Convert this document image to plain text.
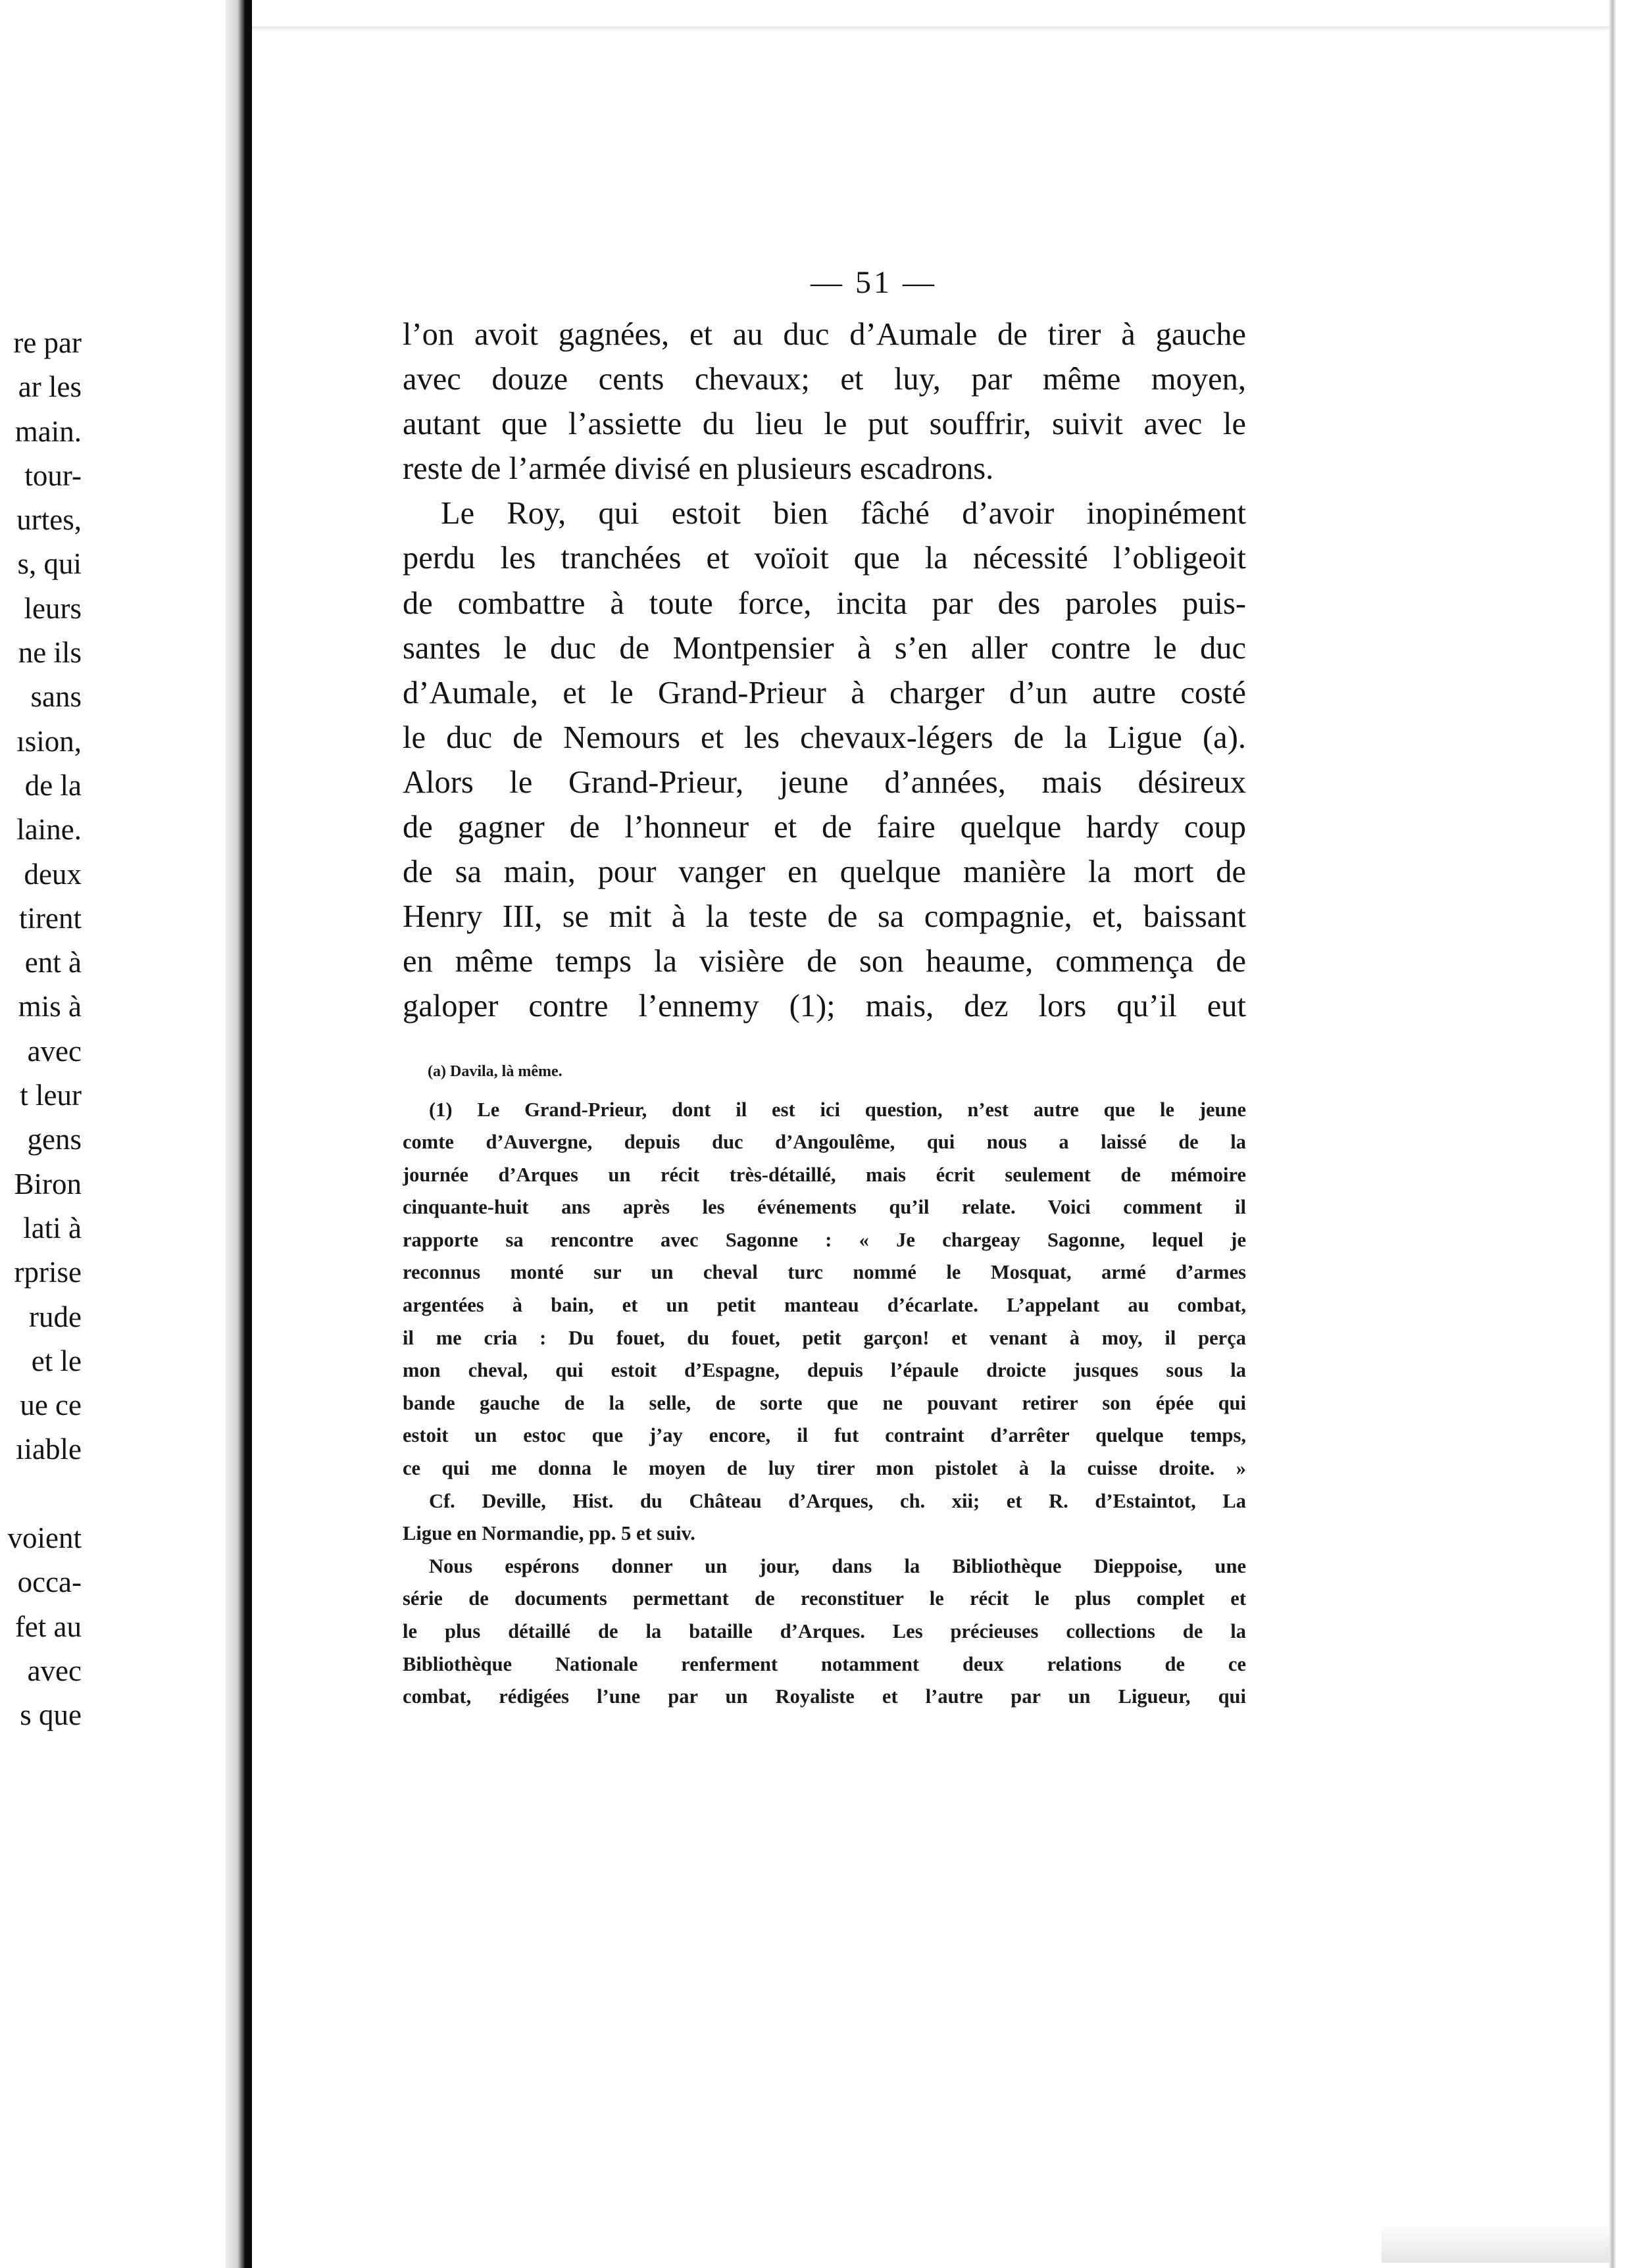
re par
ar les
main.
tour-
urtes,
s, qui
leurs
ne ils
sans
ısion,
de la
laine.
deux
tirent
ent à
mis à
avec
t leur
gens
Biron
lati à
rprise
rude
et le
ue ce
ıiable

voient
occa-
fet au
avec
s que
— 51 —

l’on avoit gagnées, et au duc d’Aumale de tirer à gauche
avec douze cents chevaux; et luy, par même moyen,
autant que l’assiette du lieu le put souffrir, suivit avec le
reste de l’armée divisé en plusieurs escadrons.

Le Roy, qui estoit bien fâché d’avoir inopinément
perdu les tranchées et voïoit que la nécessité l’obligeoit
de combattre à toute force, incita par des paroles puis-
santes le duc de Montpensier à s’en aller contre le duc
d’Aumale, et le Grand-Prieur à charger d’un autre costé
le duc de Nemours et les chevaux-légers de la Ligue (a).
Alors le Grand-Prieur, jeune d’années, mais désireux
de gagner de l’honneur et de faire quelque hardy coup
de sa main, pour vanger en quelque manière la mort de
Henry III, se mit à la teste de sa compagnie, et, baissant
en même temps la visière de son heaume, commença de
galoper contre l’ennemy (1); mais, dez lors qu’il eut

(a) Davila, là même.
(1) Le Grand-Prieur, dont il est ici question, n’est autre que le jeune
comte d’Auvergne, depuis duc d’Angoulême, qui nous a laissé de la
journée d’Arques un récit très-détaillé, mais écrit seulement de mémoire
cinquante-huit ans après les événements qu’il relate. Voici comment il
rapporte sa rencontre avec Sagonne : « Je chargeay Sagonne, lequel je
reconnus monté sur un cheval turc nommé le Mosquat, armé d’armes
argentées à bain, et un petit manteau d’écarlate. L’appelant au combat,
il me cria : Du fouet, du fouet, petit garçon! et venant à moy, il perça
mon cheval, qui estoit d’Espagne, depuis l’épaule droicte jusques sous la
bande gauche de la selle, de sorte que ne pouvant retirer son épée qui
estoit un estoc que j’ay encore, il fut contraint d’arrêter quelque temps,
ce qui me donna le moyen de luy tirer mon pistolet à la cuisse droite. »
Cf. Deville, Hist. du Château d’Arques, ch. xii; et R. d’Estaintot, La
Ligue en Normandie, pp. 5 et suiv.
Nous espérons donner un jour, dans la Bibliothèque Dieppoise, une
série de documents permettant de reconstituer le récit le plus complet et
le plus détaillé de la bataille d’Arques. Les précieuses collections de la
Bibliothèque Nationale renferment notamment deux relations de ce
combat, rédigées l’une par un Royaliste et l’autre par un Ligueur, qui
